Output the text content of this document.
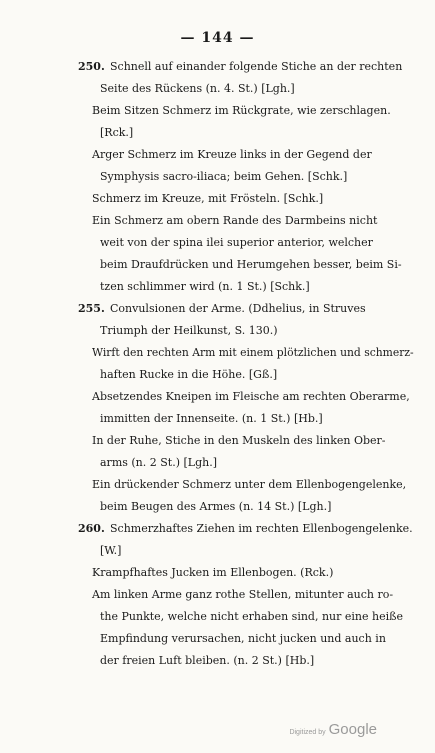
— 144 —
250. Schnell auf einander folgende Stiche an der rechten
Seite des Rückens (n. 4. St.) [Lgh.]
Beim Sitzen Schmerz im Rückgrate, wie zerschlagen.
[Rck.]
Arger Schmerz im Kreuze links in der Gegend der
Symphysis sacro-iliaca; beim Gehen. [Schk.]
Schmerz im Kreuze, mit Frösteln. [Schk.]
Ein Schmerz am obern Rande des Darmbeins nicht
weit von der spina ilei superior anterior, welcher
beim Draufdrücken und Herumgehen besser, beim Si-
tzen schlimmer wird (n. 1 St.) [Schk.]
255. Convulsionen der Arme. (Ddhelius, in Struves
Triumph der Heilkunst, S. 130.)
Wirft den rechten Arm mit einem plötzlichen und schmerz-
haften Rucke in die Höhe. [Gß.]
Absetzendes Kneipen im Fleische am rechten Oberarme,
immitten der Innenseite. (n. 1 St.) [Hb.]
In der Ruhe, Stiche in den Muskeln des linken Ober-
arms (n. 2 St.) [Lgh.]
Ein drückender Schmerz unter dem Ellenbogengelenke,
beim Beugen des Armes (n. 14 St.) [Lgh.]
260. Schmerzhaftes Ziehen im rechten Ellenbogengelenke.
[W.]
Krampfhaftes Jucken im Ellenbogen. (Rck.)
Am linken Arme ganz rothe Stellen, mitunter auch ro-
the Punkte, welche nicht erhaben sind, nur eine heiße
Empfindung verursachen, nicht jucken und auch in
der freien Luft bleiben. (n. 2 St.) [Hb.]
Digitized by Google
